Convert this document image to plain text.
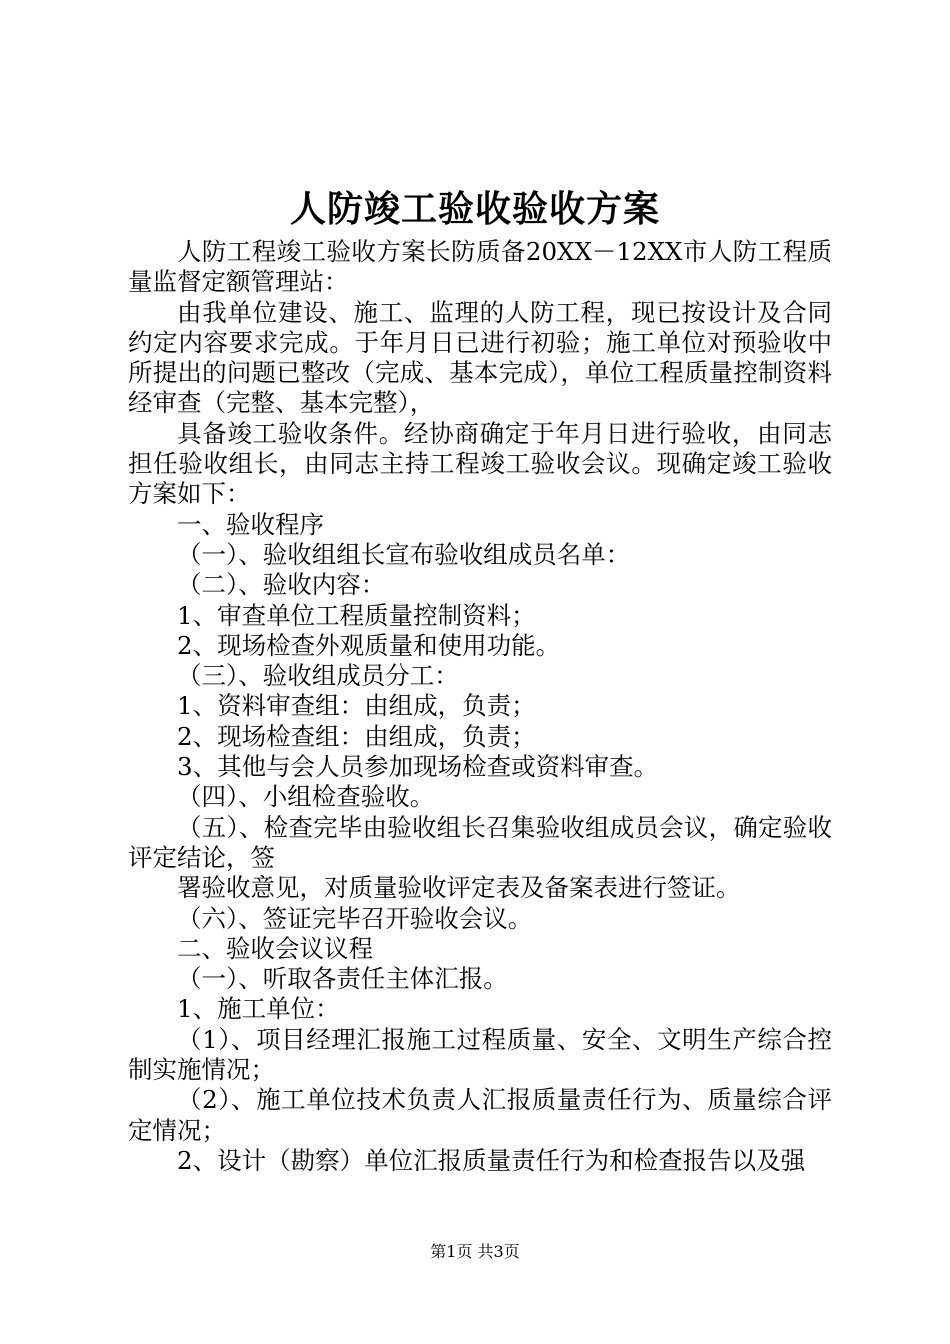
人防竣工验收验收方案

人防工程竣工验收方案长防质备20XX－12XX市人防工程质量监督定额管理站：

由我单位建设、施工、监理的人防工程，现已按设计及合同约定内容要求完成。于年月日已进行初验；施工单位对预验收中所提出的问题已整改（完成、基本完成），单位工程质量控制资料经审查（完整、基本完整），

具备竣工验收条件。经协商确定于年月日进行验收，由同志担任验收组长，由同志主持工程竣工验收会议。现确定竣工验收方案如下：

一、验收程序

（一）、验收组组长宣布验收组成员名单：

（二）、验收内容：

1、审查单位工程质量控制资料；

2、现场检查外观质量和使用功能。

（三）、验收组成员分工：

1、资料审查组：由组成，负责；

2、现场检查组：由组成，负责；

3、其他与会人员参加现场检查或资料审查。

（四）、小组检查验收。

（五）、检查完毕由验收组长召集验收组成员会议，确定验收评定结论，签

署验收意见，对质量验收评定表及备案表进行签证。

（六）、签证完毕召开验收会议。

二、验收会议议程

（一）、听取各责任主体汇报。

1、施工单位：

（1）、项目经理汇报施工过程质量、安全、文明生产综合控制实施情况；

（2）、施工单位技术负责人汇报质量责任行为、质量综合评定情况；

2、设计（勘察）单位汇报质量责任行为和检查报告以及强

第1页 共3页
